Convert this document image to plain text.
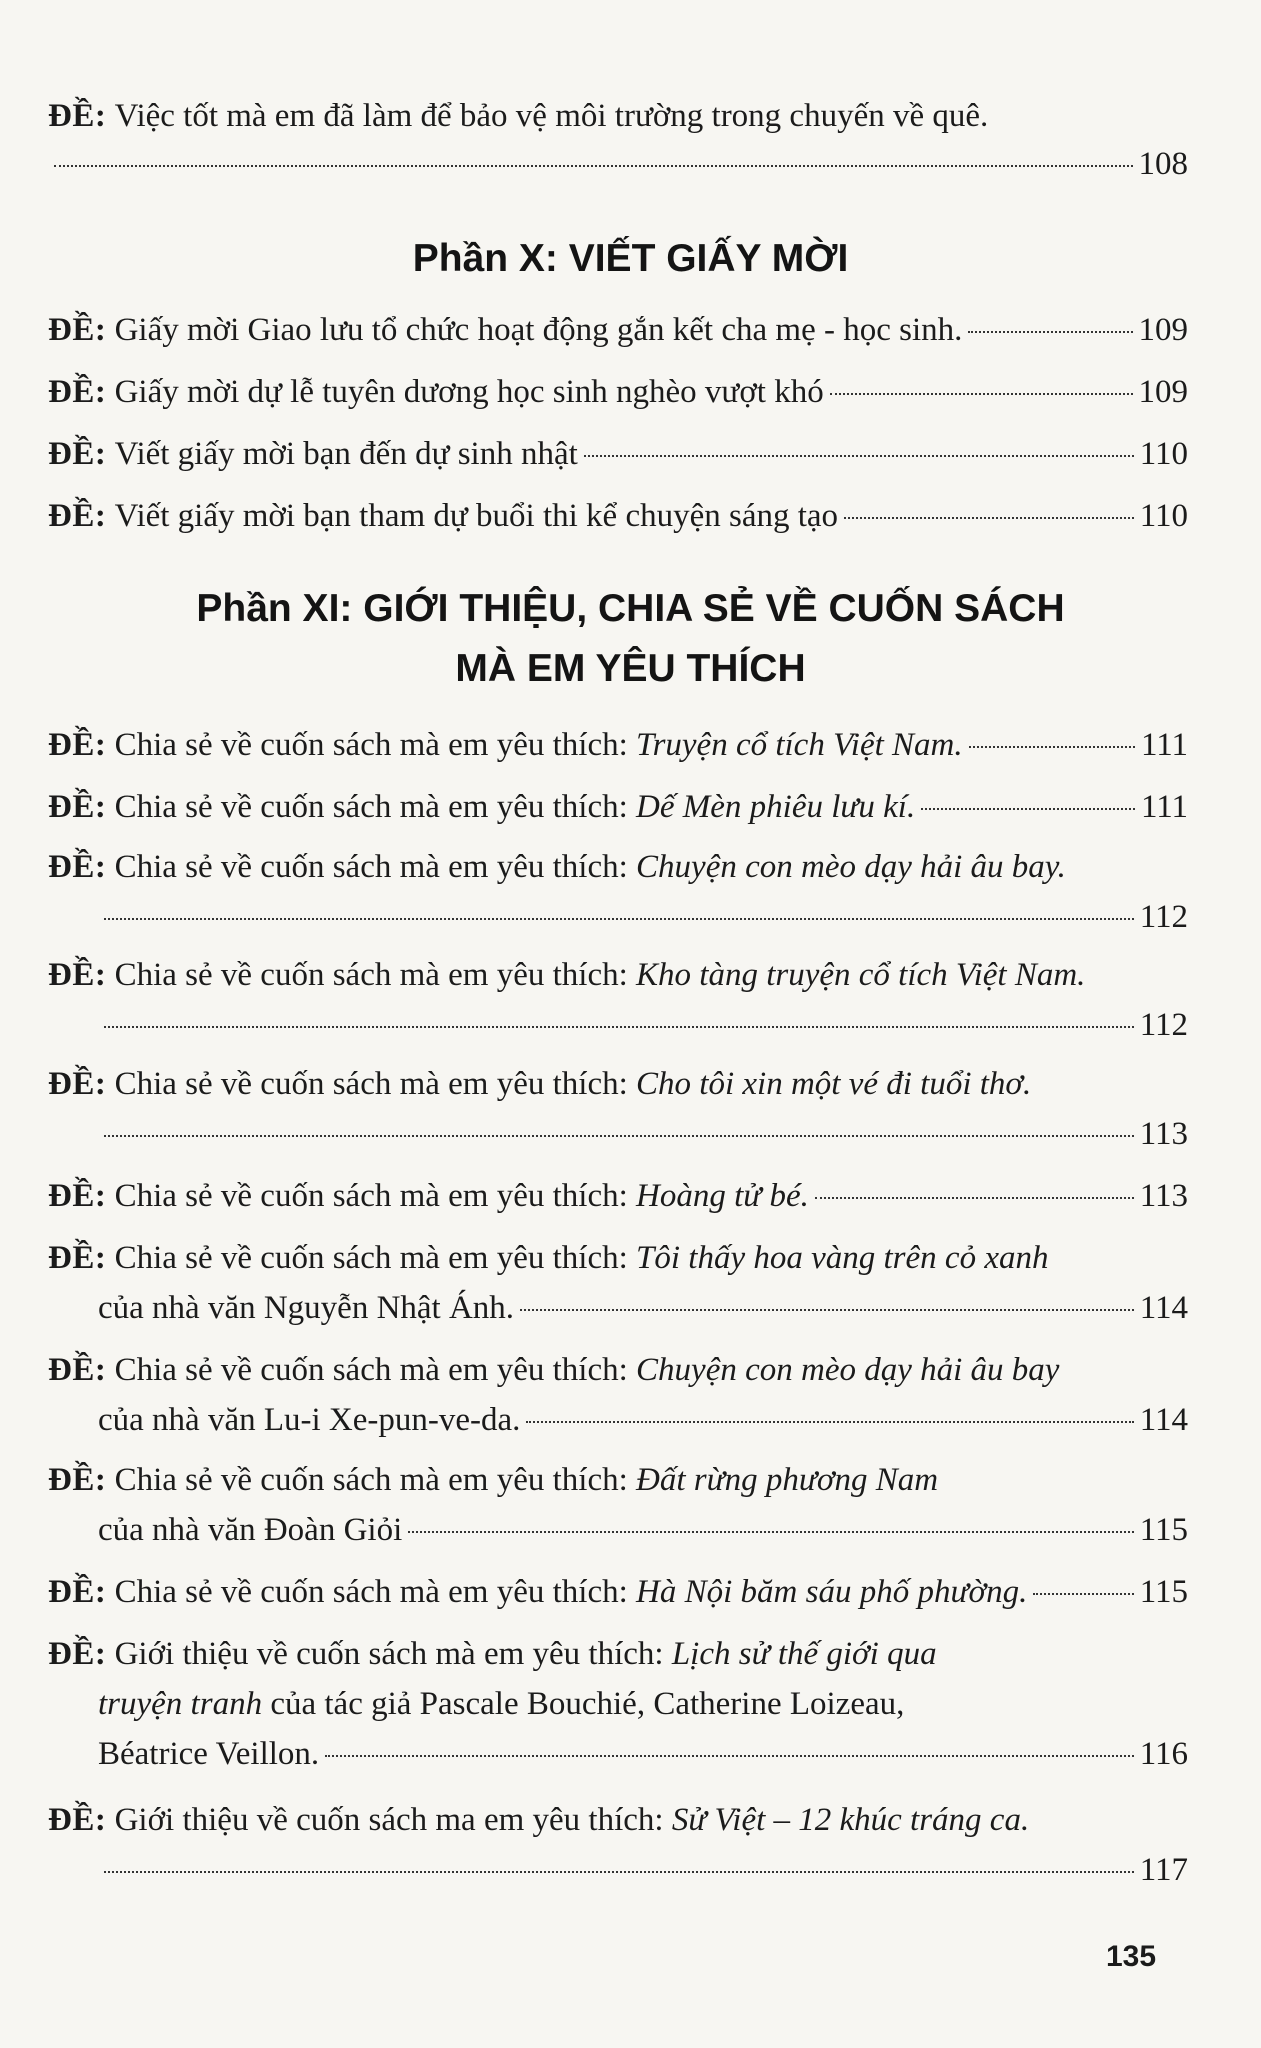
ĐỀ:
Việc tốt mà em đã làm để bảo vệ môi trường trong chuyến về quê.
108
Phần X: VIẾT GIẤY MỜI
ĐỀ:
Giấy mời Giao lưu tổ chức hoạt động gắn kết cha mẹ - học sinh.	109
ĐỀ:
Giấy mời dự lễ tuyên dương học sinh nghèo vượt khó	109
ĐỀ:
Viết giấy mời bạn đến dự sinh nhật	110
ĐỀ:
Viết giấy mời bạn tham dự buổi thi kể chuyện sáng tạo	110
Phần XI: GIỚI THIỆU, CHIA SẺ VỀ CUỐN SÁCH
MÀ EM YÊU THÍCH
ĐỀ:
Chia sẻ về cuốn sách mà em yêu thích:
Truyện cổ tích Việt Nam.	111
ĐỀ:
Chia sẻ về cuốn sách mà em yêu thích:
Dế Mèn phiêu lưu kí.	111
ĐỀ:
Chia sẻ về cuốn sách mà em yêu thích:
Chuyện con mèo dạy hải âu bay.
112
ĐỀ:
Chia sẻ về cuốn sách mà em yêu thích:
Kho tàng truyện cổ tích Việt Nam.
112
ĐỀ:
Chia sẻ về cuốn sách mà em yêu thích:
Cho tôi xin một vé đi tuổi thơ.
113
ĐỀ:
Chia sẻ về cuốn sách mà em yêu thích:
Hoàng tử bé.	113
ĐỀ:
Chia sẻ về cuốn sách mà em yêu thích:
Tôi thấy hoa vàng trên cỏ xanh
của nhà văn Nguyễn Nhật Ánh.	114
ĐỀ:
Chia sẻ về cuốn sách mà em yêu thích:
Chuyện con mèo dạy hải âu bay
của nhà văn Lu-i Xe-pun-ve-da.	114
ĐỀ:
Chia sẻ về cuốn sách mà em yêu thích:
Đất rừng phương Nam
của nhà văn Đoàn Giỏi	115
ĐỀ:
Chia sẻ về cuốn sách mà em yêu thích:
Hà Nội băm sáu phố phường.	115
ĐỀ:
Giới thiệu về cuốn sách mà em yêu thích:
Lịch sử thế giới qua
truyện tranh
của tác giả Pascale Bouchié, Catherine Loizeau,
Béatrice Veillon.	116
ĐỀ:
Giới thiệu về cuốn sách mа em yêu thích:
Sử Việt – 12 khúc tráng ca.
117
135
